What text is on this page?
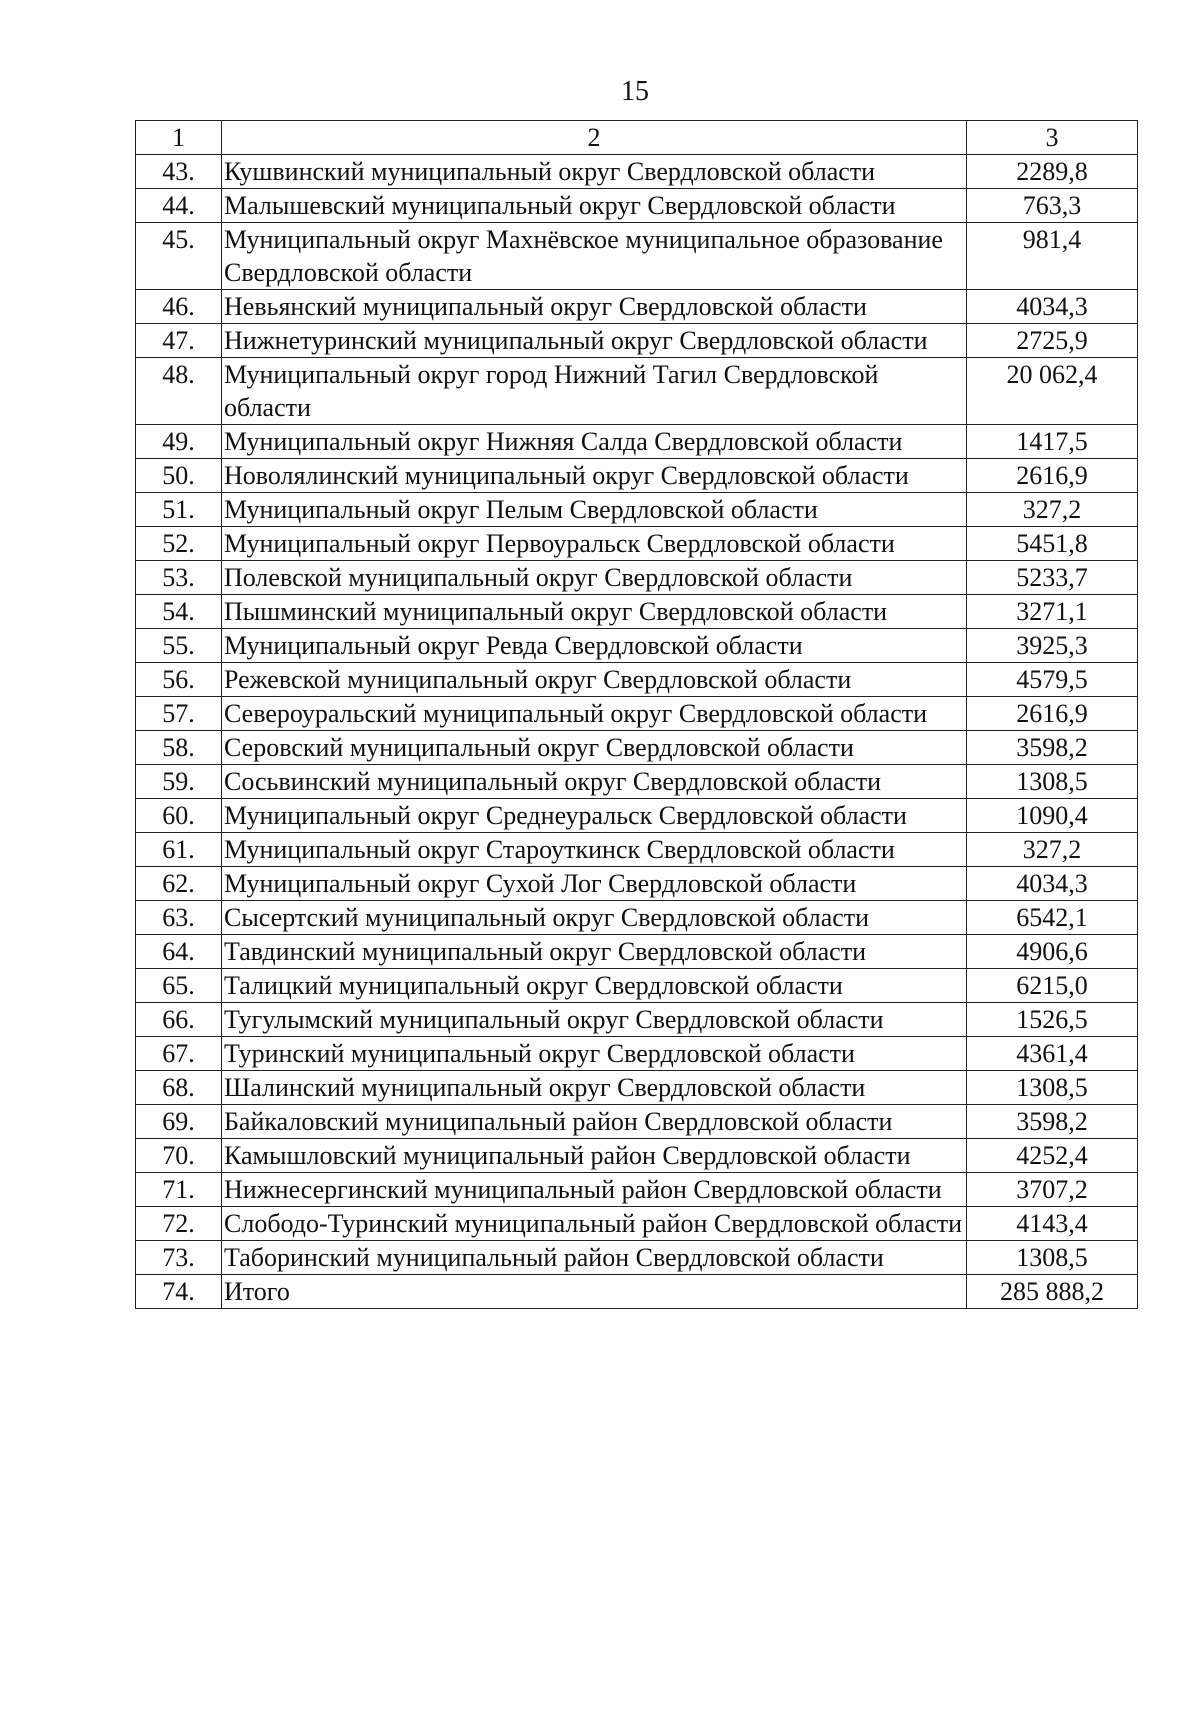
15
1	2	3
43.	Кушвинский муниципальный округ Свердловской области	2289,8
44.	Малышевский муниципальный округ Свердловской области	763,3
45.	Муниципальный округ Махнёвское муниципальное образование Свердловской области	981,4
46.	Невьянский муниципальный округ Свердловской области	4034,3
47.	Нижнетуринский муниципальный округ Свердловской области	2725,9
48.	Муниципальный округ город Нижний Тагил Свердловской области	20 062,4
49.	Муниципальный округ Нижняя Салда Свердловской области	1417,5
50.	Новолялинский муниципальный округ Свердловской области	2616,9
51.	Муниципальный округ Пелым Свердловской области	327,2
52.	Муниципальный округ Первоуральск Свердловской области	5451,8
53.	Полевской муниципальный округ Свердловской области	5233,7
54.	Пышминский муниципальный округ Свердловской области	3271,1
55.	Муниципальный округ Ревда Свердловской области	3925,3
56.	Режевской муниципальный округ Свердловской области	4579,5
57.	Североуральский муниципальный округ Свердловской области	2616,9
58.	Серовский муниципальный округ Свердловской области	3598,2
59.	Сосьвинский муниципальный округ Свердловской области	1308,5
60.	Муниципальный округ Среднеуральск Свердловской области	1090,4
61.	Муниципальный округ Староуткинск Свердловской области	327,2
62.	Муниципальный округ Сухой Лог Свердловской области	4034,3
63.	Сысертский муниципальный округ Свердловской области	6542,1
64.	Тавдинский муниципальный округ Свердловской области	4906,6
65.	Талицкий муниципальный округ Свердловской области	6215,0
66.	Тугулымский муниципальный округ Свердловской области	1526,5
67.	Туринский муниципальный округ Свердловской области	4361,4
68.	Шалинский муниципальный округ Свердловской области	1308,5
69.	Байкаловский муниципальный район Свердловской области	3598,2
70.	Камышловский муниципальный район Свердловской области	4252,4
71.	Нижнесергинский муниципальный район Свердловской области	3707,2
72.	Слободо-Туринский муниципальный район Свердловской области	4143,4
73.	Таборинский муниципальный район Свердловской области	1308,5
74.	Итого	285 888,2
